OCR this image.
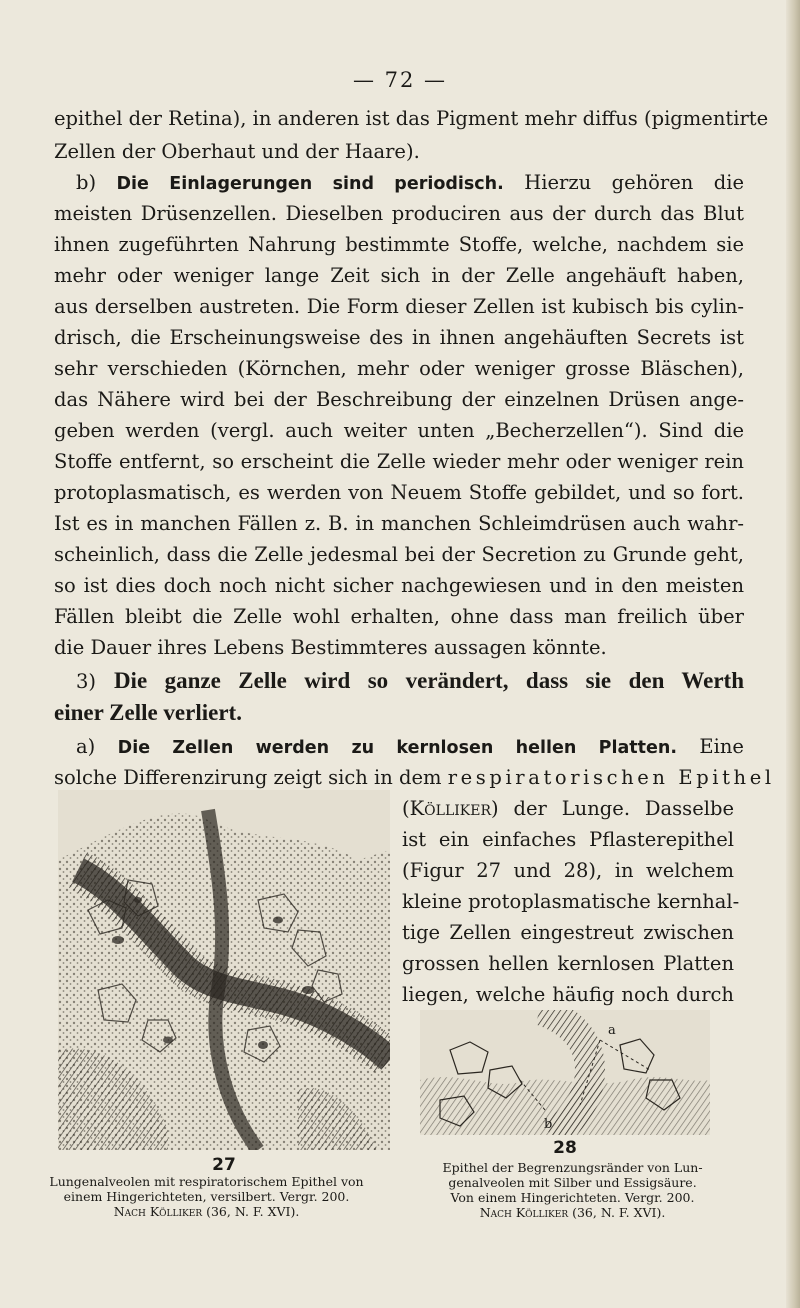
— 72 —
epithel der Retina), in anderen ist das Pigment mehr diffus (pigmentirte
Zellen der Oberhaut und der Haare).
b) Die Einlagerungen sind periodisch. Hierzu gehören die
meisten Drüsenzellen. Dieselben produciren aus der durch das Blut
ihnen zugeführten Nahrung bestimmte Stoffe, welche, nachdem sie
mehr oder weniger lange Zeit sich in der Zelle angehäuft haben,
aus derselben austreten. Die Form dieser Zellen ist kubisch bis cylin-
drisch, die Erscheinungsweise des in ihnen angehäuften Secrets ist
sehr verschieden (Körnchen, mehr oder weniger grosse Bläschen),
das Nähere wird bei der Beschreibung der einzelnen Drüsen ange-
geben werden (vergl. auch weiter unten „Becherzellen“). Sind die
Stoffe entfernt, so erscheint die Zelle wieder mehr oder weniger rein
protoplasmatisch, es werden von Neuem Stoffe gebildet, und so fort.
Ist es in manchen Fällen z. B. in manchen Schleimdrüsen auch wahr-
scheinlich, dass die Zelle jedesmal bei der Secretion zu Grunde geht,
so ist dies doch noch nicht sicher nachgewiesen und in den meisten
Fällen bleibt die Zelle wohl erhalten, ohne dass man freilich über
die Dauer ihres Lebens Bestimmteres aussagen könnte.
3) Die ganze Zelle wird so verändert, dass sie den Werth
einer Zelle verliert.
a) Die Zellen werden zu kernlosen hellen Platten. Eine
solche Differenzirung zeigt sich in dem respiratorischen Epithel
(Kölliker) der Lunge. Dasselbe
ist ein einfaches Pflasterepithel
(Figur 27 und 28), in welchem
kleine protoplasmatische kernhal-
tige Zellen eingestreut zwischen
grossen hellen kernlosen Platten
liegen, welche häufig noch durch
27
Lungenalveolen mit respiratorischem Epithel von
einem Hingerichteten, versilbert. Vergr. 200.
Nach Kölliker (36, N. F. XVI).
a
b
28
Epithel der Begrenzungsränder von Lun-
genalveolen mit Silber und Essigsäure.
Von einem Hingerichteten. Vergr. 200.
Nach Kölliker (36, N. F. XVI).
